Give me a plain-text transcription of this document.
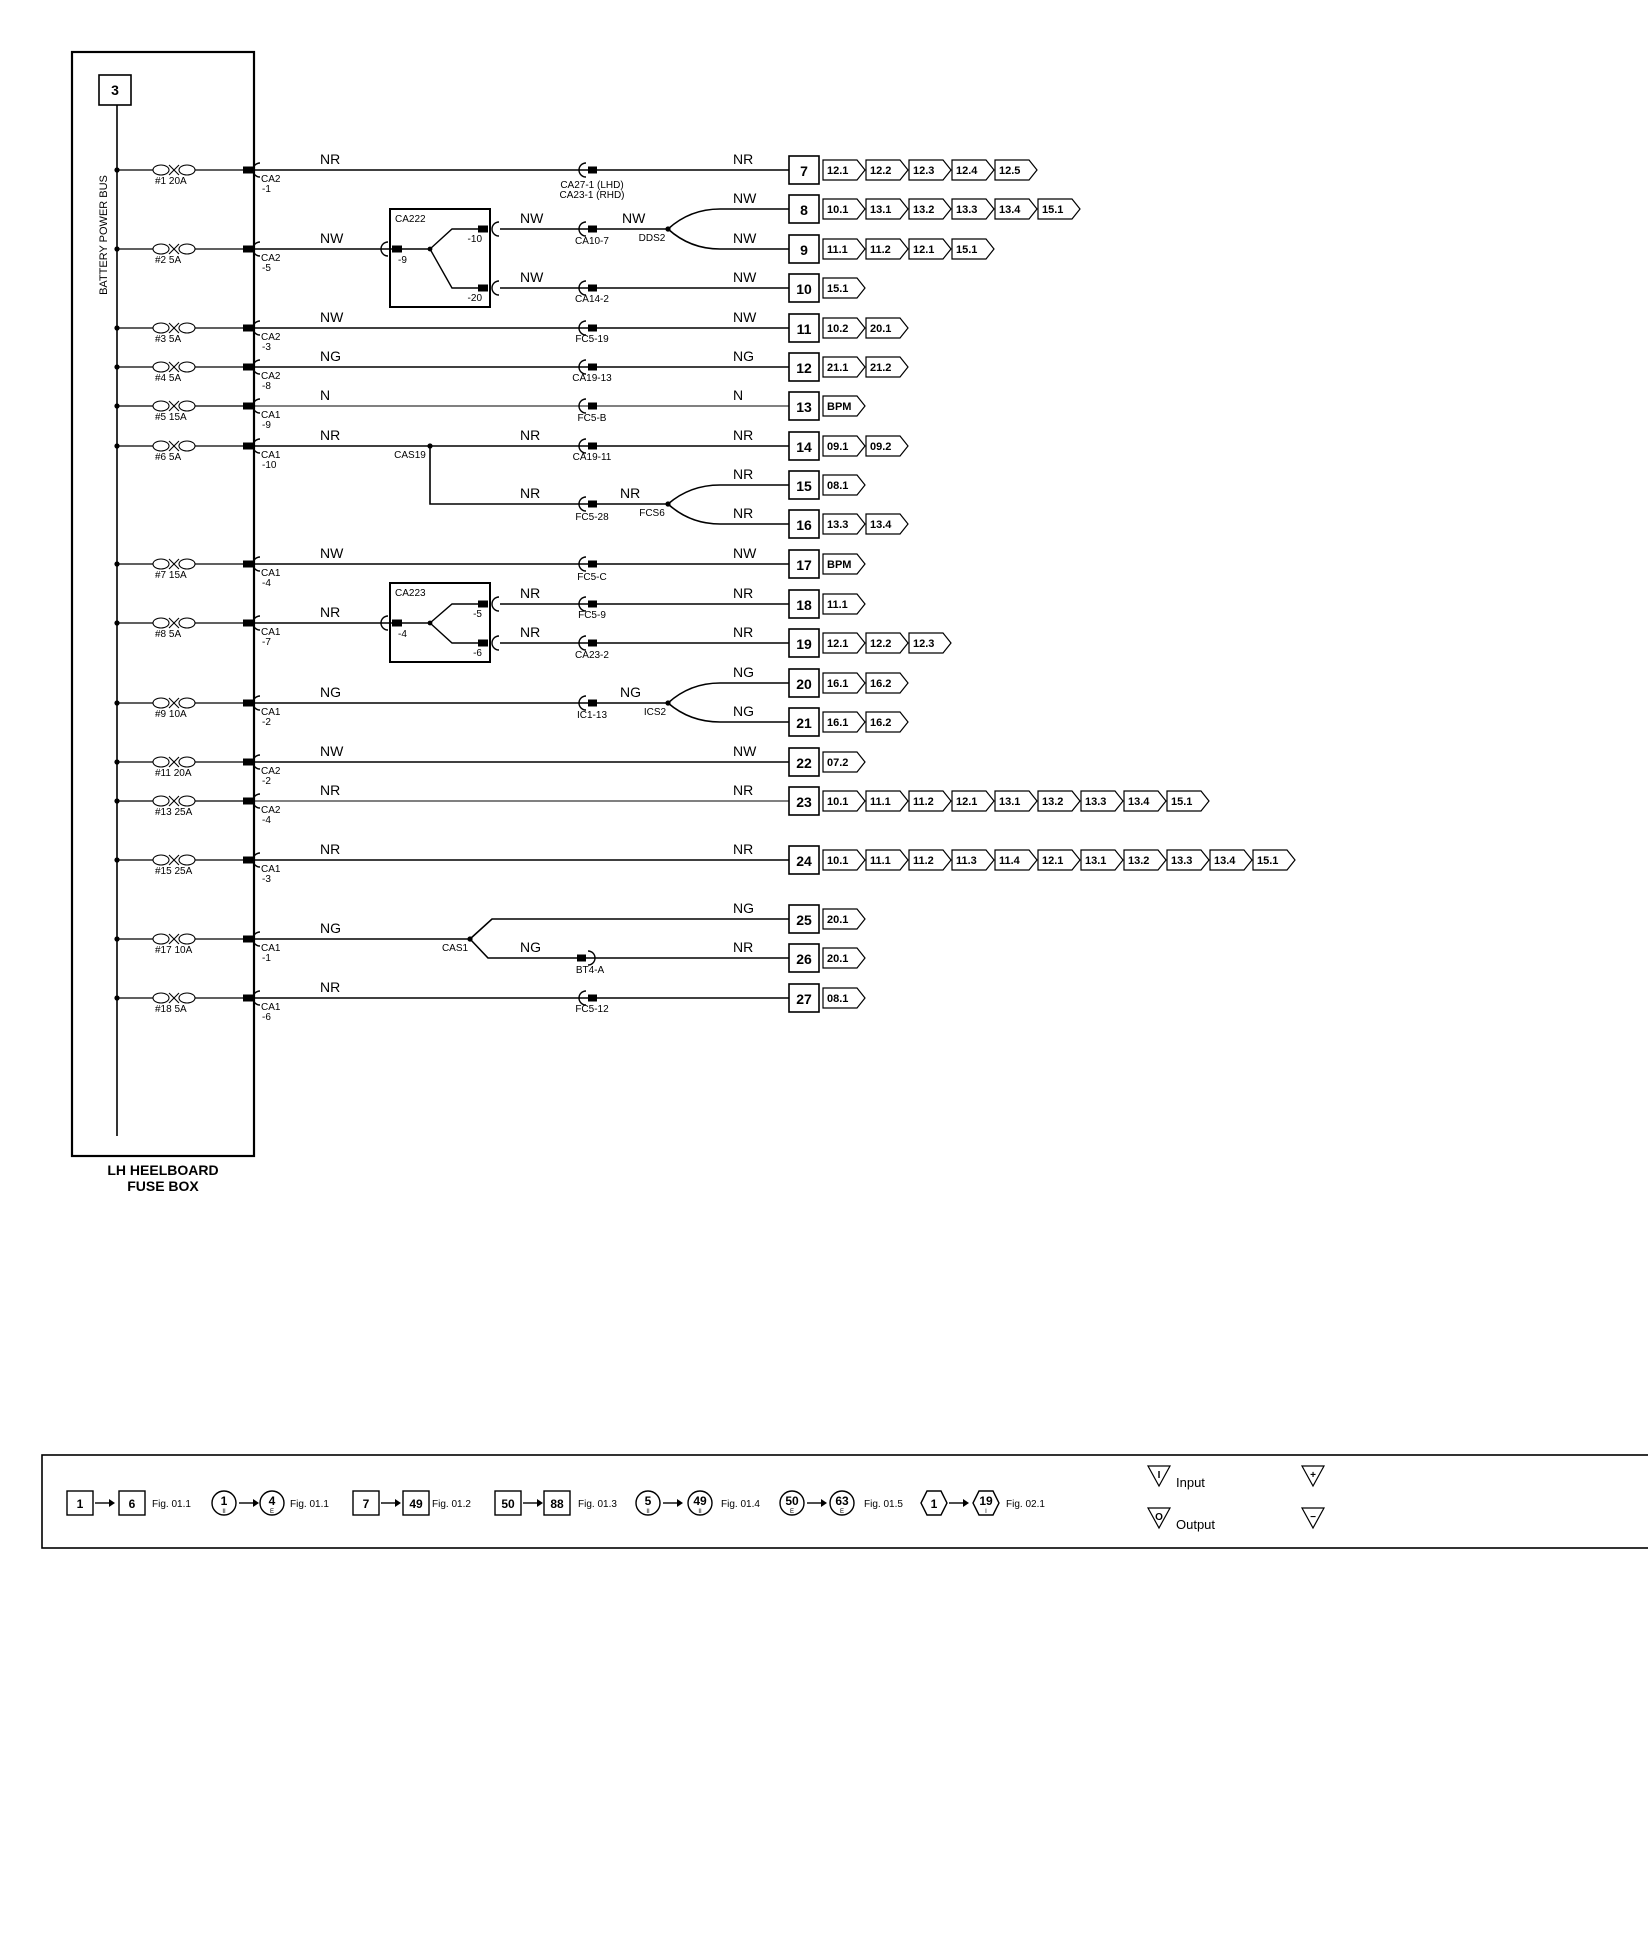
3
BATTERY POWER BUS
LH HEELBOARD
FUSE BOX
#1 20A	CA2
-1
#2 5A	CA2
-5
#3 5A	CA2
-3
#4 5A	CA2
-8
#5 15A	CA1
-9
#6 5A	CA1
-10
#7 15A	CA1
-4
#8 5A	CA1
-7
#9 10A	CA1
-2
#11 20A	CA2
-2
#13 25A	CA2
-4
#15 25A	CA1
-3
#17 10A	CA1
-1
#18 5A	CA1
-6
CA222
-9
-10
-20
CA223
-4
-5
-6
CA27-1 (LHD)
CA23-1 (RHD)
CA10-7
CA14-2
FC5-19
CA19-13
FC5-B
CA19-11
FC5-28
FC5-C
FC5-9
CA23-2
IC1-13
BT4-A
FC5-12
DDS2
CAS19
FCS6
ICS2
CAS1
NR	NR
NW
NW	NW
NW
NW
NW	NW
NW	NW
NG	NG
N	N
NR	NR	NR
NR	NR
NR
NR
NW	NW
NR
NR	NR
NR	NR
NG	NG
NG
NG
NW	NW
NR	NR
NR	NR
NG
NG
NG	NR
NR
7 12.1 12.2 12.3 12.4 12.5
8 10.1 13.1 13.2 13.3 13.4 15.1
9 11.1 11.2 12.1 15.1
10 15.1
11 10.2 20.1
12 21.1 21.2
13 BPM
14 09.1 09.2
15 08.1
16 13.3 13.4
17 BPM
18 11.1
19 12.1 12.2 12.3
20 16.1 16.2
21 16.1 16.2
22 07.2
23 10.1 11.1 11.2 12.1 13.1 13.2 13.3 13.4 15.1
24 10.1 11.1 11.2 11.3 11.4 12.1 13.1 13.2 13.3 13.4 15.1
25 20.1
26 20.1
27 08.1
1	6 Fig. 01.1 1
II
4
E
Fig. 01.1	7	49 Fig. 01.2	50	88 Fig. 01.3 5
II
49
II
Fig. 01.4 50
E
63
E
Fig. 01.5 1	19
I
Fig. 02.1
I Input
O Output
+
−
